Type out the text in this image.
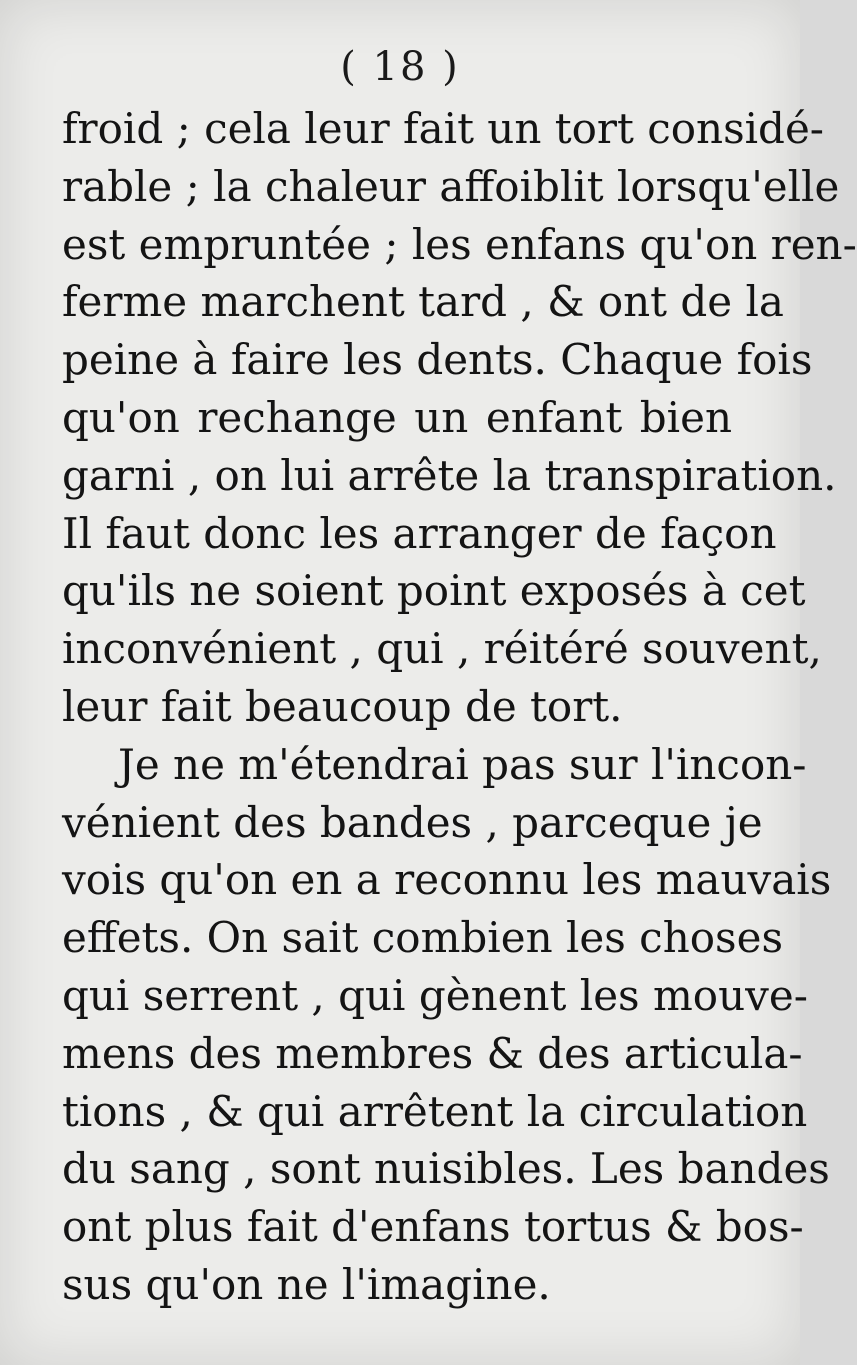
( 18 )
froid ; cela leur fait un tort considé-
rable ; la chaleur affoiblit lorsqu'elle
est empruntée ; les enfans qu'on ren-
ferme marchent tard , & ont de la
peine à faire les dents. Chaque fois
qu'on rechange un enfant bien
garni , on lui arrête la transpiration.
Il faut donc les arranger de façon
qu'ils ne soient point exposés à cet
inconvénient , qui , réitéré souvent,
leur fait beaucoup de tort.
Je ne m'étendrai pas sur l'incon-
vénient des bandes , parceque je
vois qu'on en a reconnu les mauvais
effets. On sait combien les choses
qui serrent , qui gènent les mouve-
mens des membres & des articula-
tions , & qui arrêtent la circulation
du sang , sont nuisibles. Les bandes
ont plus fait d'enfans tortus & bos-
sus qu'on ne l'imagine.
